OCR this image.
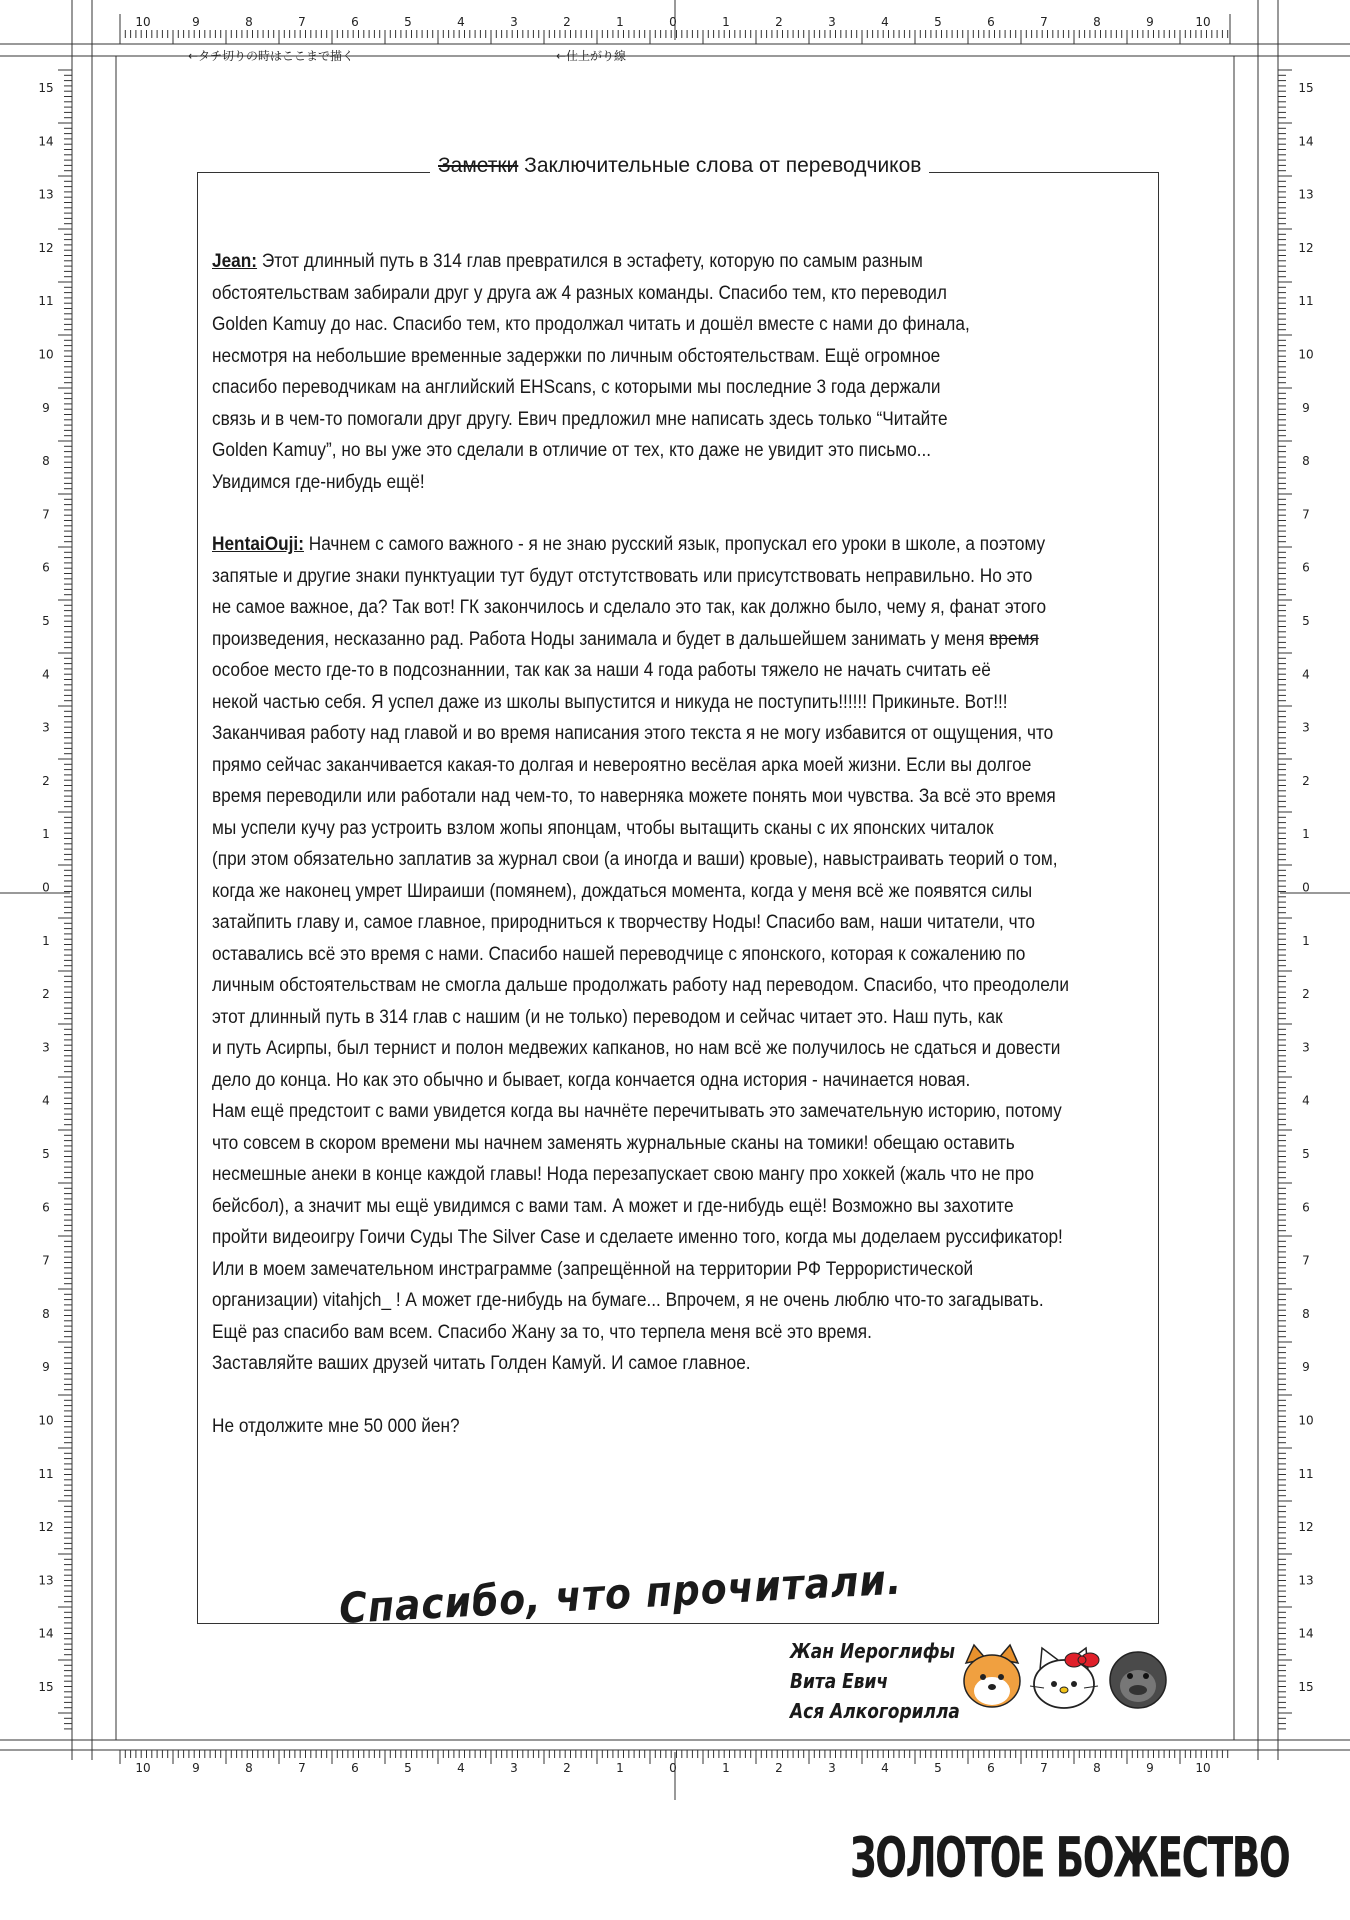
10
10
9
9
8
8
7
7
6
6
5
5
4
4
3
3
2
2
1
1
0
0
1
1
2
2
3
3
4
4
5
5
6
6
7
7
8
8
9
9
10
10
15
14
13
12
11
10
9
8
7
6
5
4
3
2
1
0
1
2
3
4
5
6
7
8
9
10
11
12
13
14
15
15
14
13
12
11
10
9
8
7
6
5
4
3
2
1
0
1
2
3
4
5
6
7
8
9
10
11
12
13
14
15
←タチ切りの時はここまで描く	←仕上がり線
Заметки Заключительные слова от переводчиков

Jean: Этот длинный путь в 314 глав превратился в эстафету, которую по самым разным

обстоятельствам забирали друг у друга аж 4 разных команды. Спасибо тем, кто переводил

Golden Kamuy до нас. Спасибо тем, кто продолжал читать и дошёл вместе с нами до финала,

несмотря на небольшие временные задержки по личным обстоятельствам. Ещё огромное

спасибо переводчикам на английский EHScans, с которыми мы последние 3 года держали

связь и в чем-то помогали друг другу. Евич предложил мне написать здесь только “Читайте

Golden Kamuy”, но вы уже это сделали в отличие от тех, кто даже не увидит это письмо...

Увидимся где-нибудь ещё!

HentaiOuji: Начнем с самого важного - я не знаю русский язык, пропускал его уроки в школе, а поэтому

запятые и другие знаки пунктуации тут будут отстутствовать или присутствовать неправильно. Но это

не самое важное, да? Так вот! ГК закончилось и сделало это так, как должно было, чему я, фанат этого

произведения, несказанно рад. Работа Ноды занимала и будет в дальшейшем занимать у меня время

особое место где-то в подсознаннии, так как за наши 4 года работы тяжело не начать считать её

некой частью себя. Я успел даже из школы выпустится и никуда не поступить!!!!!! Прикиньте. Вот!!!

Заканчивая работу над главой и во время написания этого текста я не могу избавится от ощущения, что

прямо сейчас заканчивается какая-то долгая и невероятно весёлая арка моей жизни. Если вы долгое

время переводили или работали над чем-то, то наверняка можете понять мои чувства. За всё это время

мы успели кучу раз устроить взлом жопы японцам, чтобы вытащить сканы с их японских читалок

(при этом обязательно заплатив за журнал свои (а иногда и ваши) кровые), навыстраивать теорий о том,

когда же наконец умрет Шираиши (помянем), дождаться момента, когда у меня всё же появятся силы

затайпить главу и, самое главное, природниться к творчеству Ноды! Спасибо вам, наши читатели, что

оставались всё это время с нами. Спасибо нашей переводчице с японского, которая к сожалению по

личным обстоятельствам не смогла дальше продолжать работу над переводом. Спасибо, что преодолели

этот длинный путь в 314 глав с нашим (и не только) переводом и сейчас читает это. Наш путь, как

и путь Асирпы, был тернист и полон медвежих капканов, но нам всё же получилось не сдаться и довести

дело до конца. Но как это обычно и бывает, когда кончается одна история - начинается новая.

Нам ещё предстоит с вами увидется когда вы начнёте перечитывать это замечательную историю, потому

что совсем в скором времени мы начнем заменять журнальные сканы на томики! обещаю оставить

несмешные анеки в конце каждой главы! Нода перезапускает свою мангу про хоккей (жаль что не про

бейсбол), а значит мы ещё увидимся с вами там. А может и где-нибудь ещё! Возможно вы захотите

пройти видеоигру Гоичи Суды The Silver Case и сделаете именно того, когда мы доделаем руссификатор!

Или в моем замечательном инстраграмме (запрещённой на территории РФ Террористической

организации) vitahjch_ ! А может где-нибудь на бумаге... Впрочем, я не очень люблю что-то загадывать.

Ещё раз спасибо вам всем. Спасибо Жану за то, что терпела меня всё это время.

Заставляйте ваших друзей читать Голден Камуй. И самое главное.

Не отдолжите мне 50 000 йен?

Спасибо, что прочитали.
Жан Иероглифы
Вита Евич
Ася Алкогорилла
ЗОЛОТОЕ БОЖЕСТВО
